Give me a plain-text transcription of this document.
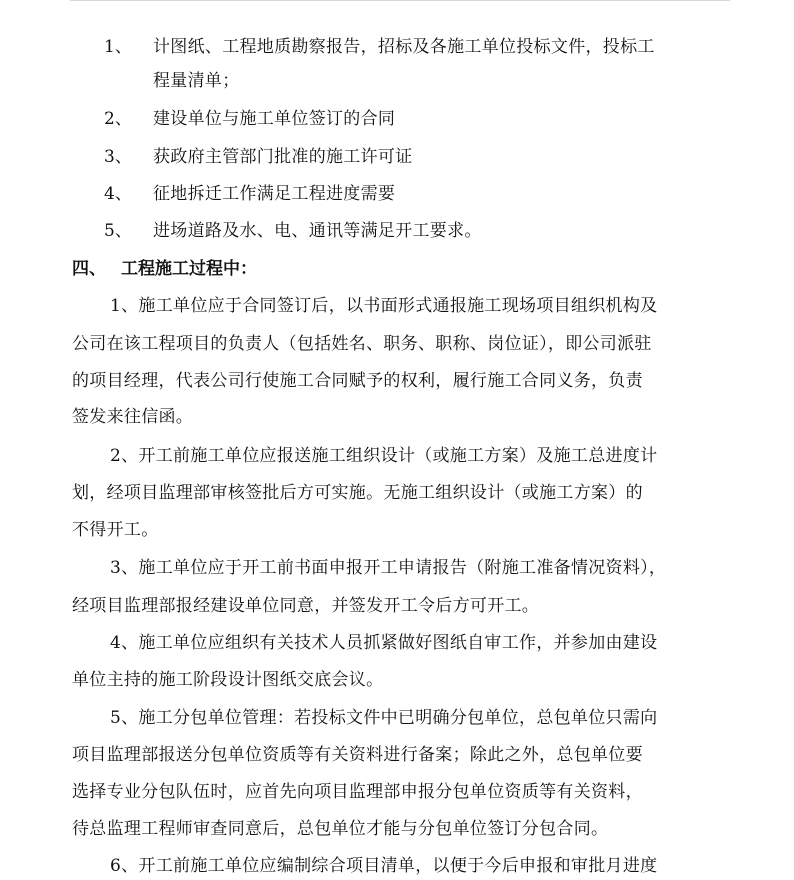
1、 计图纸、工程地质勘察报告，招标及各施工单位投标文件，投标工
程量清单；
2、 建设单位与施工单位签订的合同
3、 获政府主管部门批准的施工许可证
4、 征地拆迁工作满足工程进度需要
5、 进场道路及水、电、通讯等满足开工要求。
四、 工程施工过程中：
1、施工单位应于合同签订后，以书面形式通报施工现场项目组织机构及
公司在该工程项目的负责人（包括姓名、职务、职称、岗位证），即公司派驻
的项目经理，代表公司行使施工合同赋予的权利，履行施工合同义务，负责
签发来往信函。
2、开工前施工单位应报送施工组织设计（或施工方案）及施工总进度计
划，经项目监理部审核签批后方可实施。无施工组织设计（或施工方案）的
不得开工。
3、施工单位应于开工前书面申报开工申请报告（附施工准备情况资料），
经项目监理部报经建设单位同意，并签发开工令后方可开工。
4、施工单位应组织有关技术人员抓紧做好图纸自审工作，并参加由建设
单位主持的施工阶段设计图纸交底会议。
5、施工分包单位管理：若投标文件中已明确分包单位，总包单位只需向
项目监理部报送分包单位资质等有关资料进行备案；除此之外，总包单位要
选择专业分包队伍时，应首先向项目监理部申报分包单位资质等有关资料，
待总监理工程师审查同意后，总包单位才能与分包单位签订分包合同。
6、开工前施工单位应编制综合项目清单，以便于今后申报和审批月进度
